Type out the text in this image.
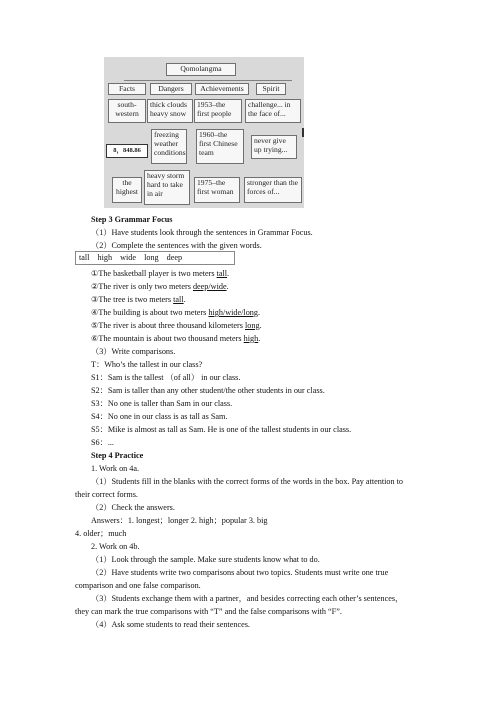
Qomolangma
Facts	Dangers	Achievements	Spirit
south-western
thick clouds heavy snow
1953–the first people
challenge... in the face of...
8，848.86
freezing weather conditions
1960–the first Chinese team
never give up trying...
the highest
heavy storm hard to take in air
1975–the first woman
stronger than the forces of...
Step 3 Grammar Focus
（1）Have students look through the sentences in Grammar Focus.
（2）Complete the sentences with the given words.
tall high wide long deep
①The basketball player is two meters tall.
②The river is only two meters deep/wide.
③The tree is two meters tall.
④The building is about two meters high/wide/long.
⑤The river is about three thousand kilometers long.
⑥The mountain is about two thousand meters high.
（3）Write comparisons.
T：Who’s the tallest in our class?
S1：Sam is the tallest （of all） in our class.
S2：Sam is taller than any other student/the other students in our class.
S3：No one is taller than Sam in our class.
S4：No one in our class is as tall as Sam.
S5：Mike is almost as tall as Sam. He is one of the tallest students in our class.
S6：...
Step 4 Practice
1. Work on 4a.
（1）Students fill in the blanks with the correct forms of the words in the box. Pay attention to
their correct forms.
（2）Check the answers.
Answers：1. longest；longer 2. high；popular 3. big
4. older；much
2. Work on 4b.
（1）Look through the sample. Make sure students know what to do.
（2）Have students write two comparisons about two topics. Students must write one true
comparison and one false comparison.
（3）Students exchange them with a partner，and besides correcting each other’s sentences，
they can mark the true comparisons with “T” and the false comparisons with “F”.
（4）Ask some students to read their sentences.
